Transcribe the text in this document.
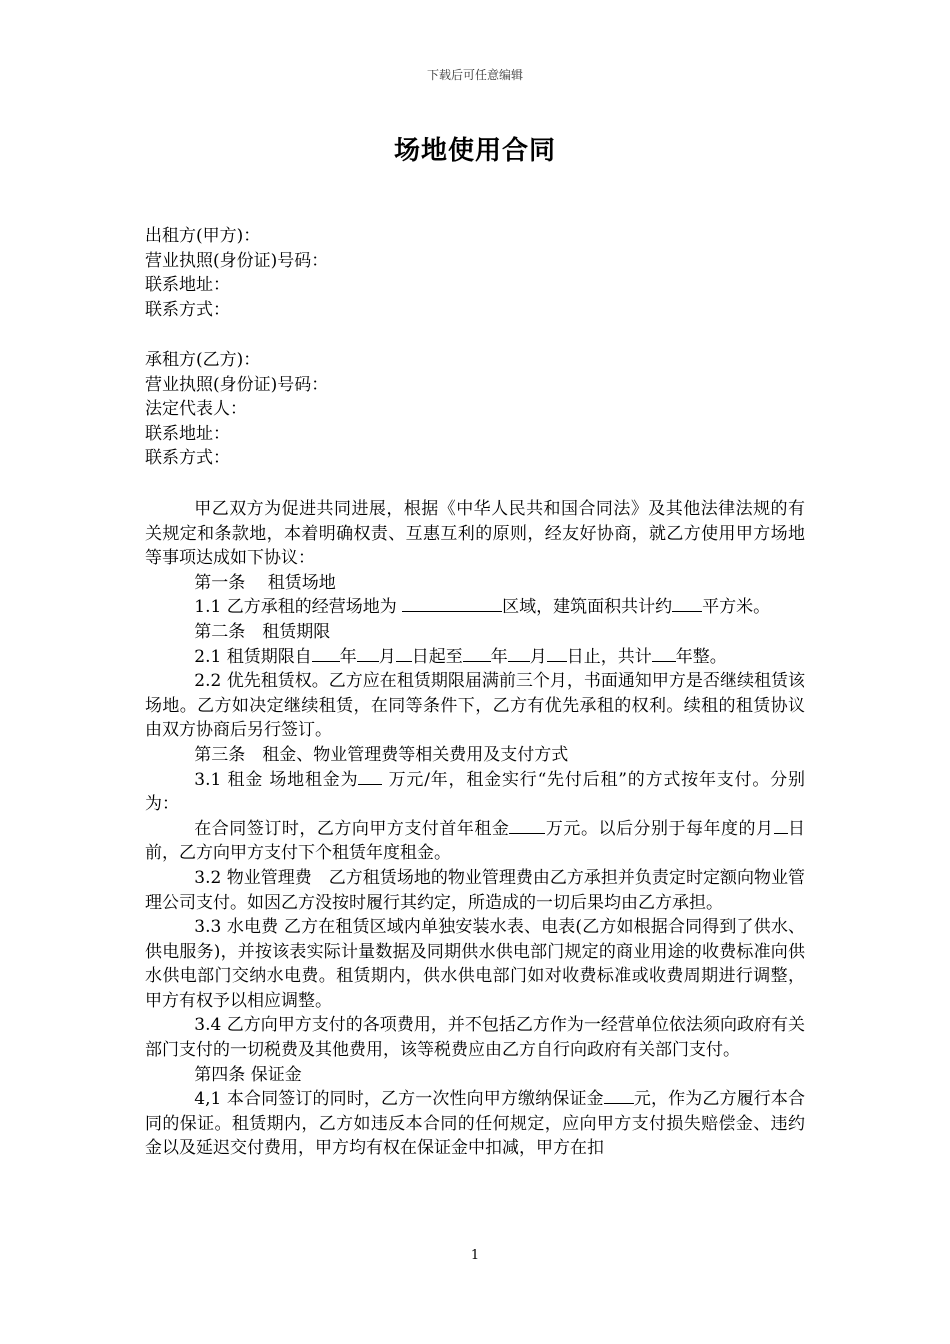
下载后可任意编辑
场地使用合同

出租方(甲方)：

营业执照(身份证)号码：

联系地址：

联系方式：

承租方(乙方)：

营业执照(身份证)号码：

法定代表人：

联系地址：

联系方式：

甲乙双方为促进共同进展，根据《中华人民共和国合同法》及其他法律法规的有关规定和条款地，本着明确权责、互惠互利的原则，经友好协商，就乙方使用甲方场地等事项达成如下协议：

第一条　 租赁场地

1.1 乙方承租的经营场地为	区域，建筑面积共计约 平方米。

第二条　租赁期限

2.1 租赁期限自 年 月 日起至 年 月 日止，共计 年整。

2.2 优先租赁权。乙方应在租赁期限届满前三个月，书面通知甲方是否继续租赁该场地。乙方如决定继续租赁，在同等条件下，乙方有优先承租的权利。续租的租赁协议由双方协商后另行签订。

第三条　租金、物业管理费等相关费用及支付方式

3.1 租金 场地租金为 万元/年，租金实行“先付后租”的方式按年支付。分别为：

在合同签订时，乙方向甲方支付首年租金 万元。以后分别于每年度的月 日前，乙方向甲方支付下个租赁年度租金。

3.2 物业管理费　乙方租赁场地的物业管理费由乙方承担并负责定时定额向物业管理公司支付。如因乙方没按时履行其约定，所造成的一切后果均由乙方承担。

3.3 水电费 乙方在租赁区域内单独安装水表、电表(乙方如根据合同得到了供水、供电服务)，并按该表实际计量数据及同期供水供电部门规定的商业用途的收费标准向供水供电部门交纳水电费。租赁期内，供水供电部门如对收费标准或收费周期进行调整，甲方有权予以相应调整。

3.4 乙方向甲方支付的各项费用，并不包括乙方作为一经营单位依法须向政府有关部门支付的一切税费及其他费用，该等税费应由乙方自行向政府有关部门支付。

第四条 保证金

4,1 本合同签订的同时，乙方一次性向甲方缴纳保证金 元，作为乙方履行本合同的保证。租赁期内，乙方如违反本合同的任何规定，应向甲方支付损失赔偿金、违约金以及延迟交付费用，甲方均有权在保证金中扣减，甲方在扣

1
